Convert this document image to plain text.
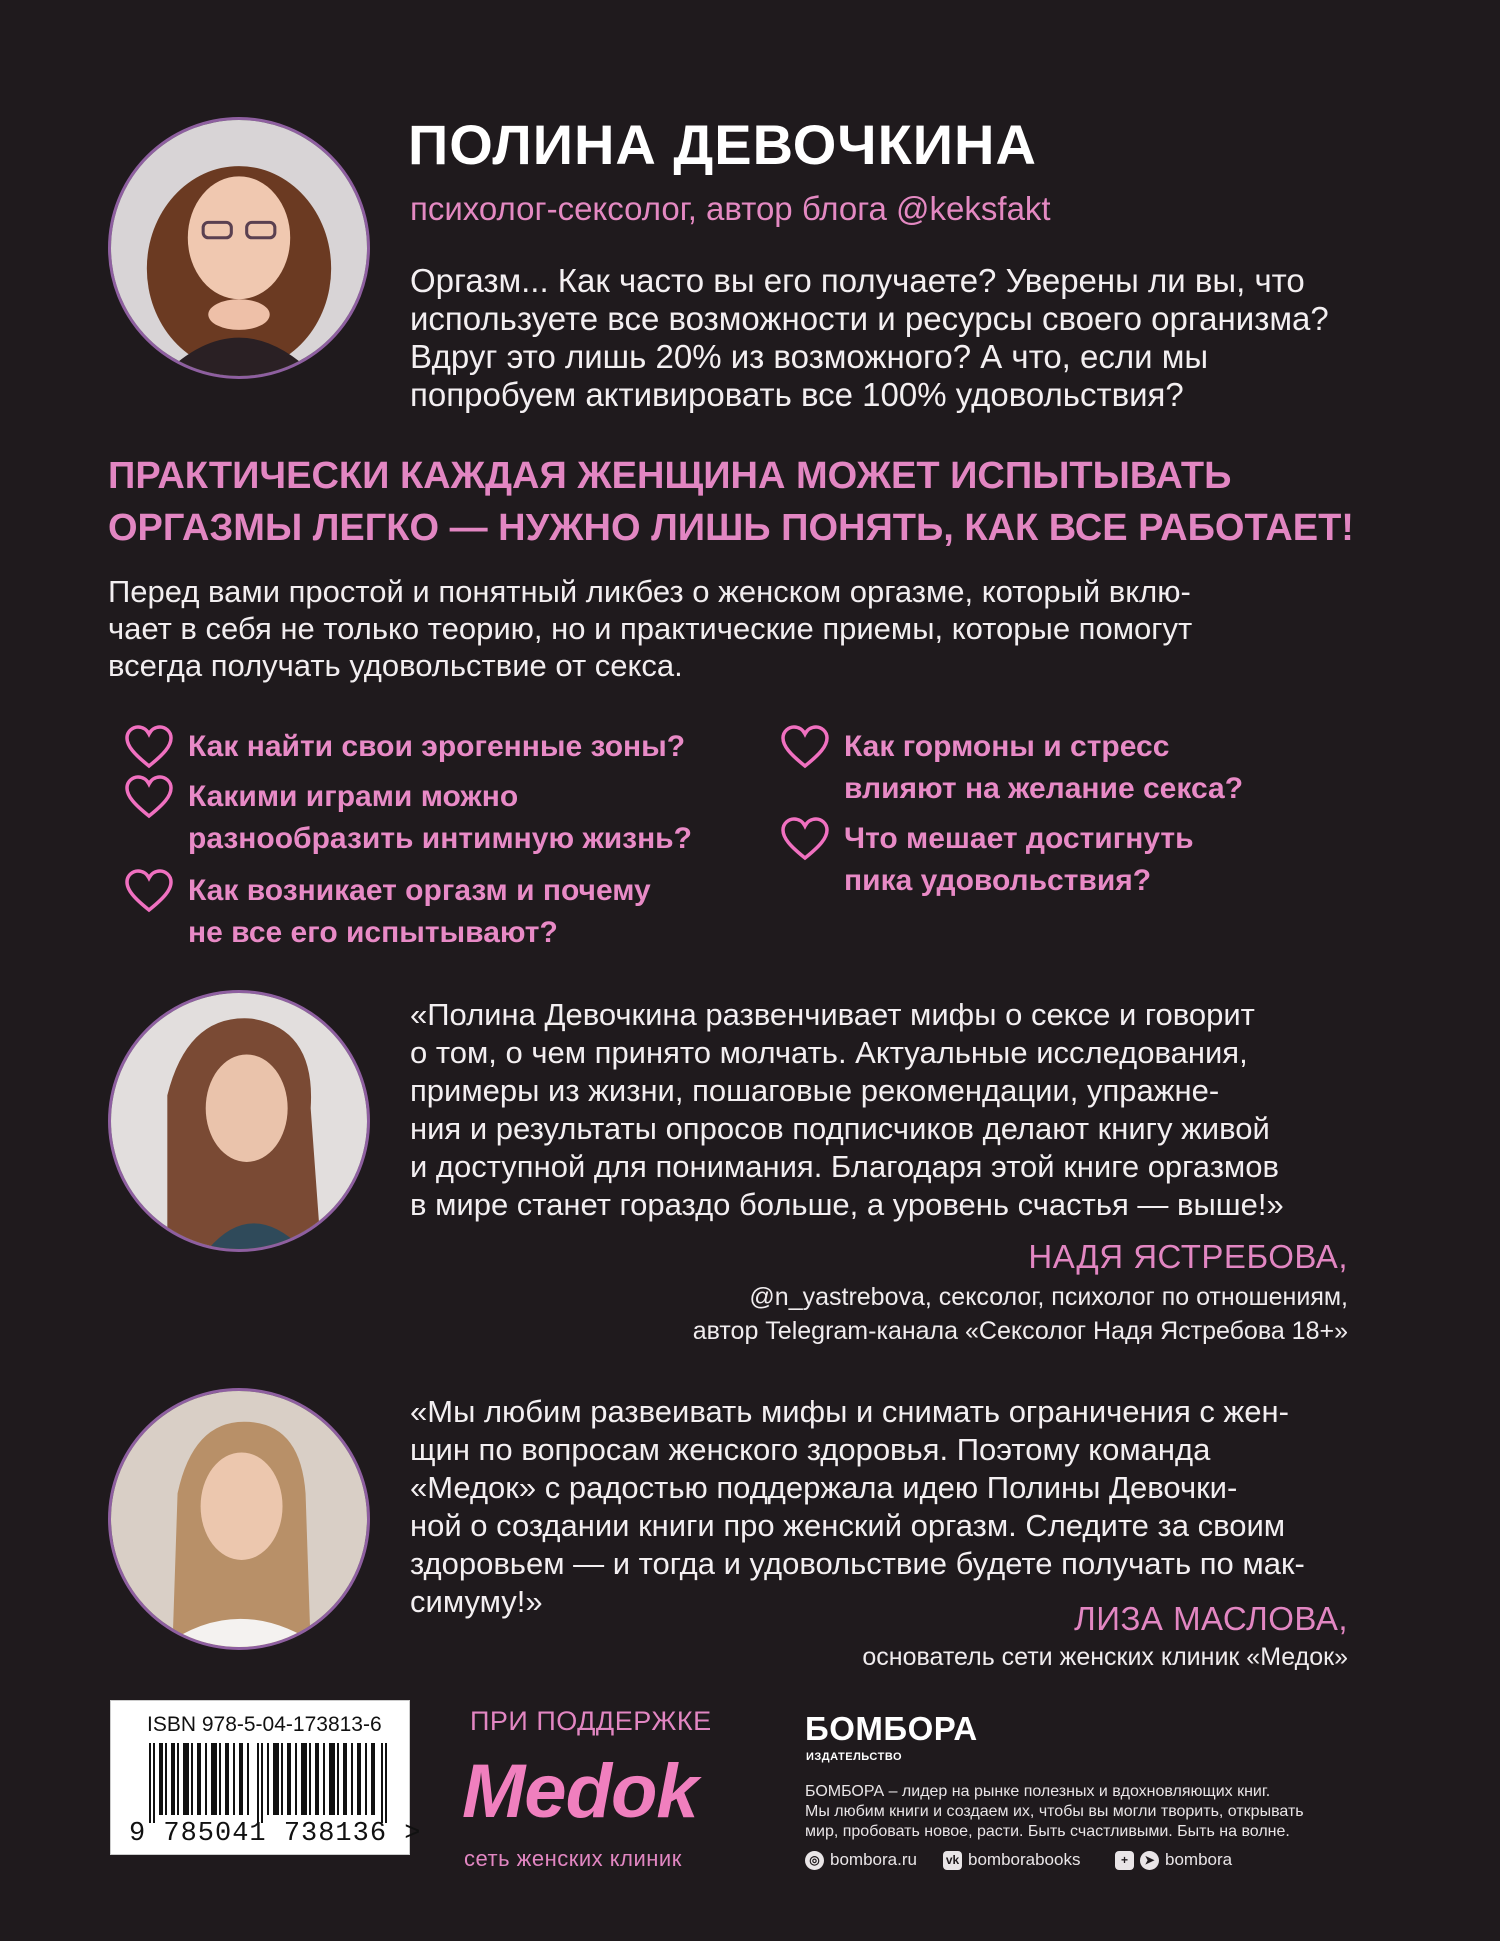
ПОЛИНА ДЕВОЧКИНА
психолог-сексолог, автор блога @keksfakt

Оргазм... Как часто вы его получаете? Уверены ли вы, что
используете все возможности и ресурсы своего организма?
Вдруг это лишь 20% из возможного? А что, если мы
попробуем активировать все 100% удовольствия?

ПРАКТИЧЕСКИ КАЖДАЯ ЖЕНЩИНА МОЖЕТ ИСПЫТЫВАТЬ
ОРГАЗМЫ ЛЕГКО — НУЖНО ЛИШЬ ПОНЯТЬ, КАК ВСЕ РАБОТАЕТ!

Перед вами простой и понятный ликбез о женском оргазме, который вклю-
чает в себя не только теорию, но и практические приемы, которые помогут
всегда получать удовольствие от секса.

Как найти свои эрогенные зоны?
Какими играми можно
разнообразить интимную жизнь?
Как возникает оргазм и почему
не все его испытывают?
Как гормоны и стресс
влияют на желание секса?
Что мешает достигнуть
пика удовольствия?

«Полина Девочкина развенчивает мифы о сексе и говорит
о том, о чем принято молчать. Актуальные исследования,
примеры из жизни, пошаговые рекомендации, упражне-
ния и результаты опросов подписчиков делают книгу живой
и доступной для понимания. Благодаря этой книге оргазмов
в мире станет гораздо больше, а уровень счастья — выше!»

НАДЯ ЯСТРЕБОВА,
@n_yastrebova, сексолог, психолог по отношениям,
автор Telegram-канала «Сексолог Надя Ястребова 18+»

«Мы любим развеивать мифы и снимать ограничения с жен-
щин по вопросам женского здоровья. Поэтому команда
«Медок» с радостью поддержала идею Полины Девочки-
ной о создании книги про женский оргазм. Следите за своим
здоровьем — и тогда и удовольствие будете получать по мак-
симуму!»	ЛИЗА МАСЛОВА,
основатель сети женских клиник «Медок»
ISBN 978-5-04-173813-6
9 785041 738136 >
ПРИ ПОДДЕРЖКЕ
Medok
сеть женских клиник
БОМБОРА
ИЗДАТЕЛЬСТВО
БОМБОРА – лидер на рынке полезных и вдохновляющих книг.
Мы любим книги и создаем их, чтобы вы могли творить, открывать
мир, пробовать новое, расти. Быть счастливыми. Быть на волне.
◎ bombora.ru vk bomborabooks	+	➤ bombora
